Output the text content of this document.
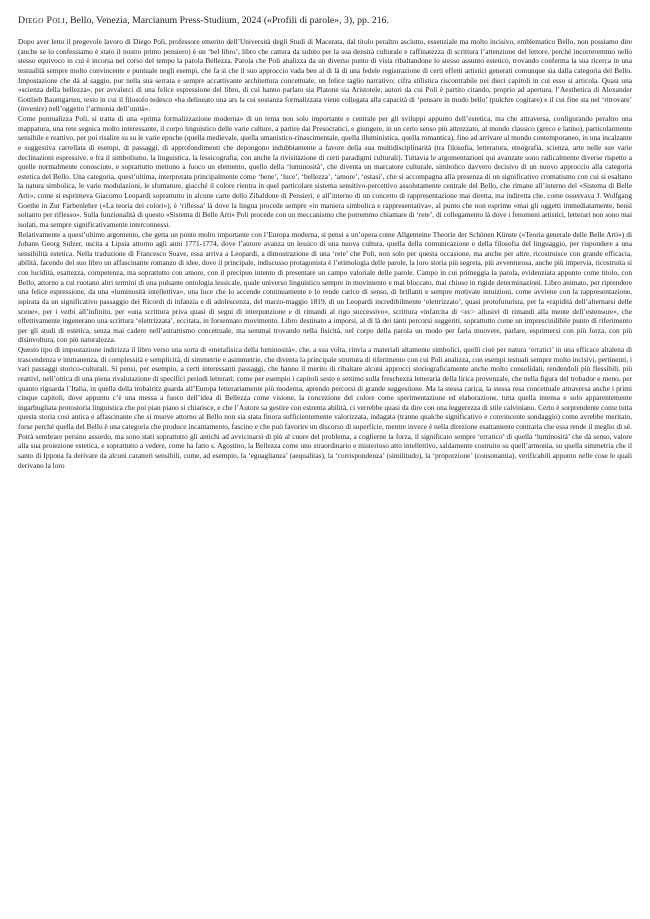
Diego Poli, Bello, Venezia, Marcianum Press-Studium, 2024 («Profili di parole», 3), pp. 216.

Dopo aver letto il pregevole lavoro di Diego Poli, professore emerito dell’Università degli Studi di Macerata, dal titolo peraltro asciutto, essenziale ma molto incisivo, emblematico Bello, non possiamo dire (anche se lo confessiamo è stato il nostro primo pensiero) è un ‘bel libro’, libro che cattura da subito per la sua densità culturale e raffinatezza di scrittura l’attenzione del lettore, perché incorreremmo nello stesso equivoco in cui è incorsa nel corso del tempo la parola Bellezza. Parola che Poli analizza da un diverso punto di vista ribaltandone lo stesso assunto estetico, trovando conferma la sua ricerca in una testualità sempre molto convincente e puntuale negli esempi, che fa sì che il suo approccio vada ben al di là di una fedele registrazione di certi effetti artistici generati comunque sia dalla categoria del Bello. Impostazione che dà al saggio, pur nella sua serrata e sempre accattivante architettura concettuale, un felice taglio narrativo; cifra stilistica riscontrabile nei dieci capitoli in cui esso si articola. Quasi una «scienza della bellezza», per avvalerci di una felice espressione del libro, di cui hanno parlato sia Platone sia Aristotele, autori da cui Poli è partito citando, proprio ad apertura, l’Aesthetica di Alexander Gottlieb Baumgarten, testo in cui il filosofo tedesco «ha delineato una ars la cui sostanza formalizzata viene collegata alla capacità di ‘pensare in modo bello’ (pulchre cogitare) e il cui fine sta nel ‘ritrovare’ (invenire) nell’oggetto l’armonia dell’unità».

Come puntualizza Poli, si tratta di una «prima formalizzazione moderna» di un tema non solo importante e centrale per gli sviluppi appunto dell’estetica, ma che attraversa, configurando peraltro una mappatura, una rete segnica molto interessante, il corpo linguistico delle varie culture, a partire dai Presocratici, e giungere, in un certo senso più attrezzato, al mondo classico (greco e latino), particolarmente sensibile e reattivo, per poi risalire su su le varie epoche (quella medievale, quella umanistico-rinascimentale, quella illuministica, quella romantica), fino ad arrivare al mondo contemporaneo, in una incalzante e suggestiva carrellata di esempi, di passaggi, di approfondimenti che depongono indubbiamente a favore della sua multidisciplinarità (tra filosofia, letteratura, etnografia, scienza, arte nelle sue varie declinazioni espressive, e fra il simbolismo, la linguistica, la lessicografia, con anche la rivisitazione di certi paradigmi culturali). Tuttavia le argomentazioni qui avanzate sono radicalmente diverse rispetto a quelle normalmente conosciute, e soprattutto mettono a fuoco un elemento, quello della ‘luminosità’, che diventa un marcatore culturale, simbolico davvero decisivo di un nuovo approccio alla categoria estetica del Bello. Una categoria, quest’ultima, interpretata principalmente come ‘bene’, ‘luce’, ‘bellezza’, ‘amore’, ‘estasi’, che si accompagna alla presenza di un significativo cromatismo con cui si esaltano la natura simbolica, le varie modulazioni, le sfumature, giacché il colore rientra in quel particolare sistema sensitivo-percettivo assolutamente centrale del Bello, che rimane all’interno del «Sistema di Belle Arti», come si esprimeva Giacomo Leopardi soprattutto in alcune carte dello Zibaldone di Pensieri, e all’interno di un concetto di rappresentazione mai diretta, ma indiretta che, come osservava J. Wolfgang Goethe in Zur Farbenlehre («La teoria dei colori»), è ‘riflessa’ là dove la lingua procede sempre «in maniera simbolica e rappresentativa», al punto che non esprime «mai gli oggetti immediatamente, bensì soltanto per riflesso». Sulla funzionalità di questo «Sistema di Belle Arti» Poli procede con un meccanismo che potremmo chiamare di ‘rete’, di collegamento là dove i fenomeni artistici, letterari non sono mai isolati, ma sempre significativamente interconnessi.

Relativamente a quest’ultimo argomento, che getta un ponte molto importante con l’Europa moderna, si pensi a un’opera come Allgemeine Theorie der Schönen Künste («Teoria generale delle Belle Arti») di Johann Georg Sulzer, uscita a Lipsia attorno agli anni 1771-1774, dove l’autore avanza un lessico di una nuova cultura, quella della comunicazione e della filosofia del linguaggio, per rispondere a una sensibilità estetica. Nella traduzione di Francesco Soave, essa arriva a Leopardi, a dimostrazione di una ‘rete’ che Poli, non solo per questa occasione, ma anche per altre, ricostruisce con grande efficacia, abilità, facendo del suo libro un affascinante romanzo di idee, dove il principale, indiscusso protagonista è l’etimologia delle parole, la loro storia più segreta, più avventurosa, anche più impervia, ricostruita sì con lucidità, esattezza, competenza, ma soprattutto con amore, con il precipuo intento di presentare un campo valoriale delle parole. Campo in cui primeggia la parola, evidenziata appunto come titolo, con Bello, attorno a cui ruotano altri termini di una pulsante ontologia lessicale, quale universo linguistico sempre in movimento e mai bloccato, mai chiuso in rigide determinazioni. Libro animato, per riprendere una felice espressione, da una «luminosità intellettiva», una luce che lo accende continuamente e lo rende carico di senso, di brillanti e sempre motivate intuizioni, come avviene con la rappresentazione, ispirata da un significativo passaggio dei Ricordi di infanzia e di adolescenza, del marzo-maggio 1819, di un Leopardi incredibilmente ‘elettrizzato’, quasi protofuturista, per la «rapidità dell’alternarsi delle scene», per i verbi all’infinito, per «una scrittura priva quasi di segni di interpunzione e di rimandi al rigo successivo», scrittura «infarcita di <ec> allusivi di rimandi alla mente dell’estensore», che effettivamente ingenerano una scrittura ‘elettrizzata’, eccitata, in forsennato movimento. Libro destinato a imporsi, al di là dei tanti percorsi suggeriti, soprattutto come un imprescindibile punto di riferimento per gli studi di estetica, senza mai cadere nell’astrattismo concettuale, ma semmai trovando nella fisicità, nel corpo della parola un modo per farla muovere, parlare, esprimersi con più forza, con più disinvoltura, con più naturalezza.

Questo tipo di impostazione indirizza il libro verso una sorta di «metafisica della luminosità», che, a sua volta, rinvia a materiali altamente simbolici, quelli cioè per natura ‘erratici’ in una efficace altalena di trascendenza e immanenza, di complessità e semplicità, di simmetrie e asimmetrie, che diventa la principale struttura di riferimento con cui Poli analizza, con esempi testuali sempre molto incisivi, pertinenti, i vari passaggi storico-culturali. Si pensi, per esempio, a certi interessanti passaggi, che hanno il merito di ribaltare alcuni approcci storiograficamente anche molto consolidati, rendendoli più flessibili, più reattivi, nell’ottica di una piena rivalutazione di specifici periodi letterari: come per esempio i capitoli sesto e settimo sulla freschezza letteraria della lirica provenzale, che nella figura del trobador e meno, per quanto riguarda l’Italia, in quella della trobairitz guarda all’Europa letterariamente più moderna, aprendo percorsi di grande suggestione. Ma la stessa carica, la stessa resa concettuale attraversa anche i primi cinque capitoli, dove appunto c’è una messa a fuoco dell’idea di Bellezza come visione, la concezione del colore come sperimentazione ed elaborazione, tutta quella intensa e solo apparentemente ingarbugliata protostoria linguistica che poi pian piano si chiarisce, e che l’Autore sa gestire con estrema abilità, ci verrebbe quasi da dire con una leggerezza di stile calviniano. Certo è sorprendente come tutta questa storia così antica e affascinante che si muove attorno al Bello non sia stata finora sufficientemente valorizzata, indagata (tranne qualche significativo e convincente sondaggio) come avrebbe meritato, forse perché quella del Bello è una categoria che produce incantamento, fascino e che può favorire un discorso di superficie, mentre invece è nella direzione esattamente contraria che essa rende il meglio di sé. Potrà sembrare persino assurdo, ma sono stati soprattutto gli antichi ad avvicinarsi di più al cuore del problema, a coglierne la forza, il significato sempre ‘erratico’ di quella ‘luminosità’ che dà senso, valore alla sua proiezione estetica, e soprattutto a vedere, come ha fatto s. Agostino, la Bellezza come uno straordinario e misterioso atto intellettivo, saldamente costruito su quell’armonia, su quella simmetria che il santo di Ippona fa derivare da alcuni caratteri sensibili, come, ad esempio, la ‘eguaglianza’ (aequalitas), la ‘corrispondenza’ (similitudo), la ‘proporzione’ (consonantia), verificabili appunto nelle cose le quali derivano la loro
